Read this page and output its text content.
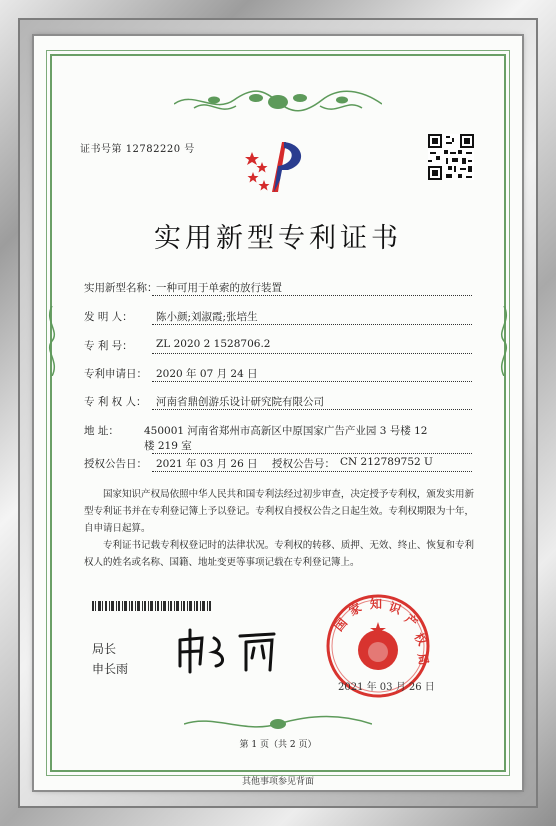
证书号第 12782220 号
实用新型专利证书
实用新型名称：
一种可用于单索的放行装置
发 明 人： 陈小颜;刘淑霞;张培生
专 利 号： ZL 2020 2 1528706.2
专利申请日： 2020 年 07 月 24 日
专 利 权 人： 河南省鼎创游乐设计研究院有限公司
地 址： 450001 河南省郑州市高新区中原国家广告产业园 3 号楼 12
楼 219 室
授权公告日： 2021 年 03 月 26 日 授权公告号： CN 212789752 U
国家知识产权局依照中华人民共和国专利法经过初步审查，决定授予专利权，颁发实用新型专利证书并在专利登记簿上予以登记。专利权自授权公告之日起生效。专利权期限为十年，自申请日起算。
专利证书记载专利权登记时的法律状况。专利权的转移、质押、无效、终止、恢复和专利权人的姓名或名称、国籍、地址变更等事项记载在专利登记簿上。
局长
申长雨
国
家 知 识
产
权
局
2021 年 03 月 26 日
第 1 页（共 2 页）
其他事项参见背面
